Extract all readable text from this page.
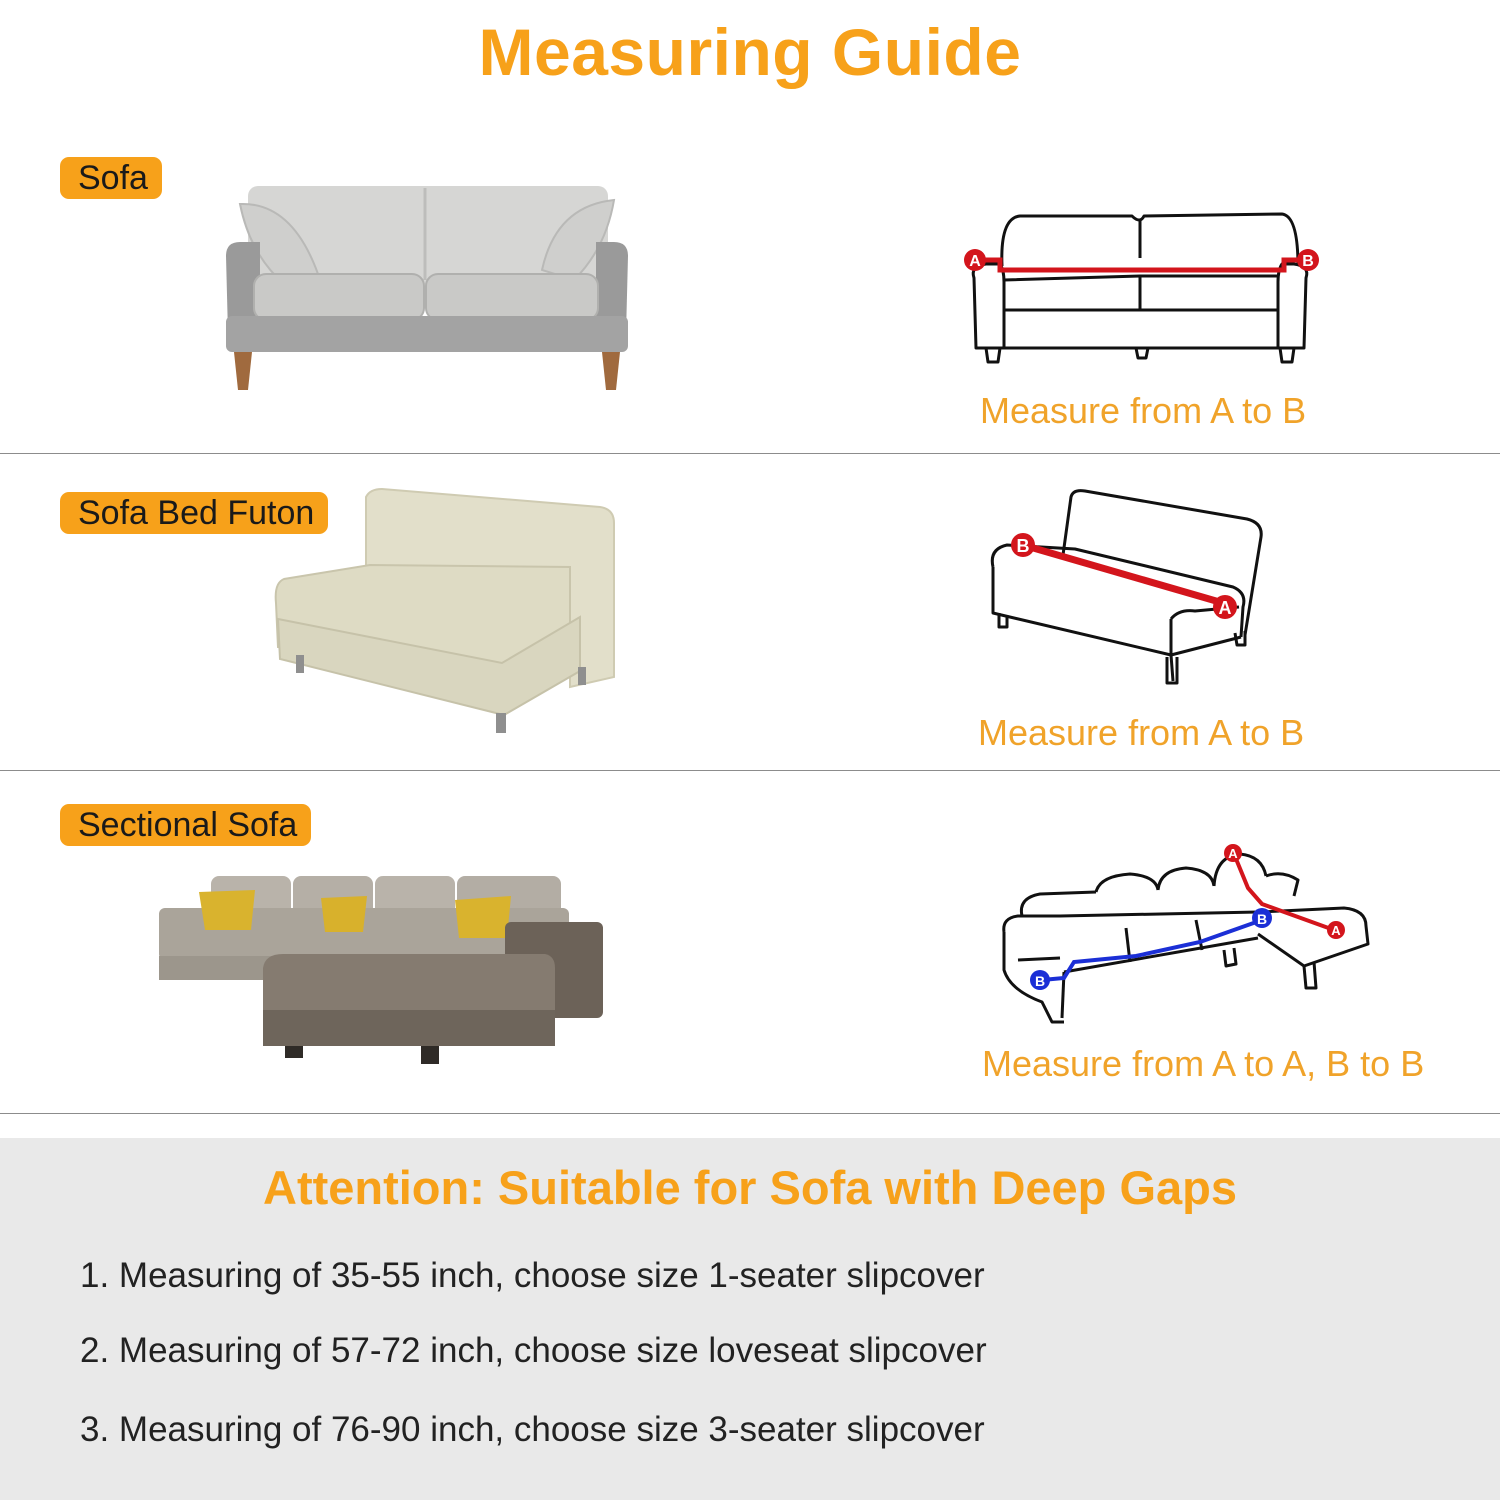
Measuring Guide
Sofa
A	B
Measure from A to B
Sofa Bed Futon
B
A
Measure from A to B
Sectional Sofa
A
A
B
B
Measure from A to A, B to B
Attention: Suitable for Sofa with Deep Gaps
1. Measuring of 35-55 inch, choose size 1-seater slipcover
2. Measuring of 57-72 inch, choose size loveseat slipcover
3. Measuring of 76-90 inch, choose size 3-seater slipcover
